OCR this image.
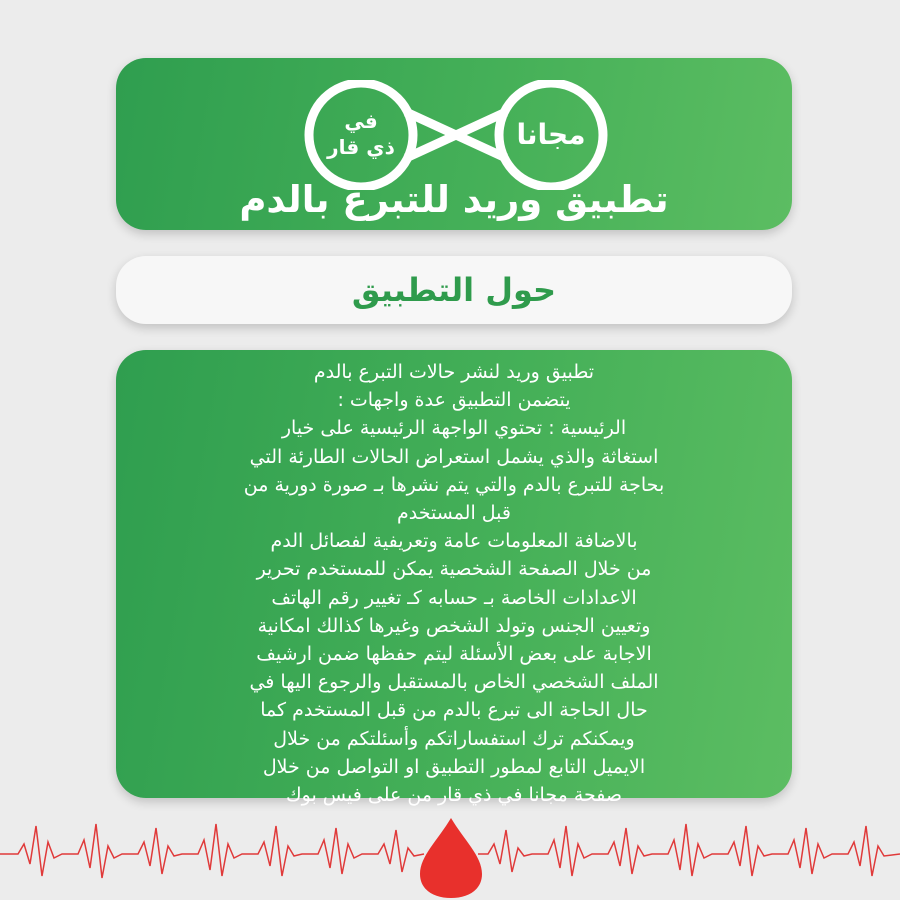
في
ذي قار	مجانا
تطبيق وريد للتبرع بالدم
حول التطبيق

تطبيق وريد لنشر حالات التبرع بالدم
يتضمن التطبيق عدة واجهات :
الرئيسية : تحتوي الواجهة الرئيسية على خيار
استغاثة والذي يشمل استعراض الحالات الطارئة التي
بحاجة للتبرع بالدم والتي يتم نشرها بـ صورة دورية من
قبل المستخدم
بالاضافة المعلومات عامة وتعريفية لفصائل الدم
من خلال الصفحة الشخصية يمكن للمستخدم تحرير
الاعدادات الخاصة بـ حسابه كـ تغيير رقم الهاتف
وتعيين الجنس وتولد الشخص وغيرها كذالك امكانية
الاجابة على بعض الأسئلة ليتم حفظها ضمن ارشيف
الملف الشخصي الخاص بالمستقبل والرجوع اليها في
حال الحاجة الى تبرع بالدم من قبل المستخدم كما
ويمكنكم ترك استفساراتكم وأسئلتكم من خلال
الايميل التابع لمطور التطبيق او التواصل من خلال
صفحة مجانا في ذي قار من على فيس بوك
